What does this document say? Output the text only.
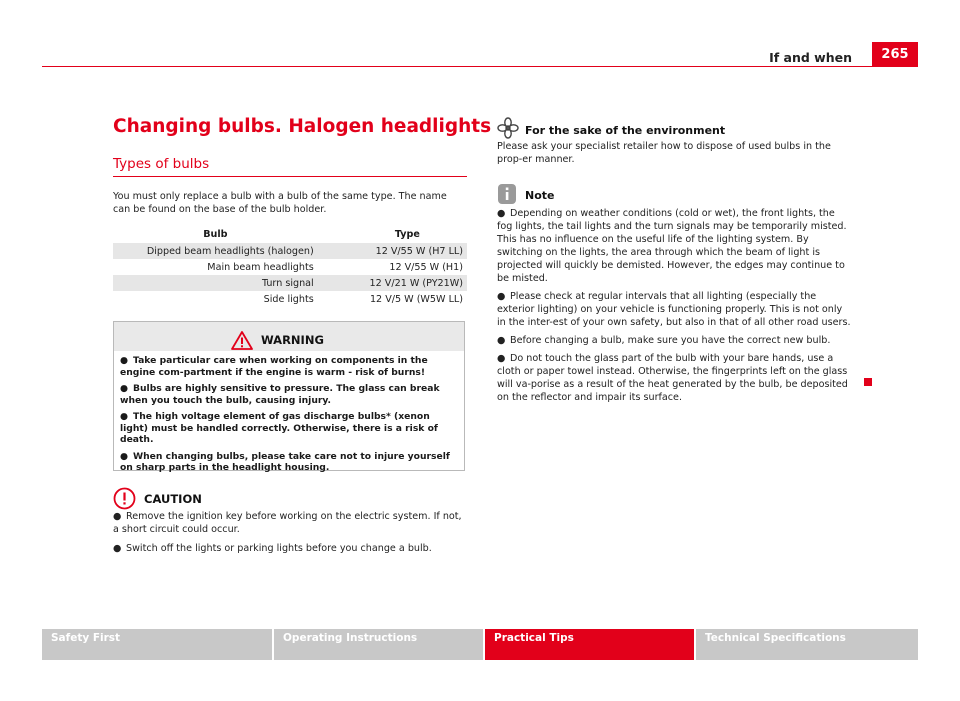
If and when	265
Changing bulbs. Halogen headlights
Types of bulbs
You must only replace a bulb with a bulb of the same type. The name can be found on the base of the bulb holder.
Bulb	Type
Dipped beam headlights (halogen)	12 V/55 W (H7 LL)
Main beam headlights	12 V/55 W (H1)
Turn signal	12 V/21 W (PY21W)
Side lights	12 V/5 W (W5W LL)
WARNING
● Take particular care when working on components in the engine com-partment if the engine is warm - risk of burns!
● Bulbs are highly sensitive to pressure. The glass can break when you touch the bulb, causing injury.
● The high voltage element of gas discharge bulbs* (xenon light) must be handled correctly. Otherwise, there is a risk of death.
● When changing bulbs, please take care not to injure yourself on sharp parts in the headlight housing.
CAUTION
● Remove the ignition key before working on the electric system. If not, a short circuit could occur.
● Switch off the lights or parking lights before you change a bulb.
For the sake of the environment
Please ask your specialist retailer how to dispose of used bulbs in the prop-er manner.
Note
● Depending on weather conditions (cold or wet), the front lights, the fog lights, the tail lights and the turn signals may be temporarily misted. This has no influence on the useful life of the lighting system. By switching on the lights, the area through which the beam of light is projected will quickly be demisted. However, the edges may continue to be misted.
● Please check at regular intervals that all lighting (especially the exterior lighting) on your vehicle is functioning properly. This is not only in the inter-est of your own safety, but also in that of all other road users.
● Before changing a bulb, make sure you have the correct new bulb.
● Do not touch the glass part of the bulb with your bare hands, use a cloth or paper towel instead. Otherwise, the fingerprints left on the glass will va-porise as a result of the heat generated by the bulb, be deposited on the reflector and impair its surface.
Safety First	Operating Instructions	Practical Tips	Technical Specifications
